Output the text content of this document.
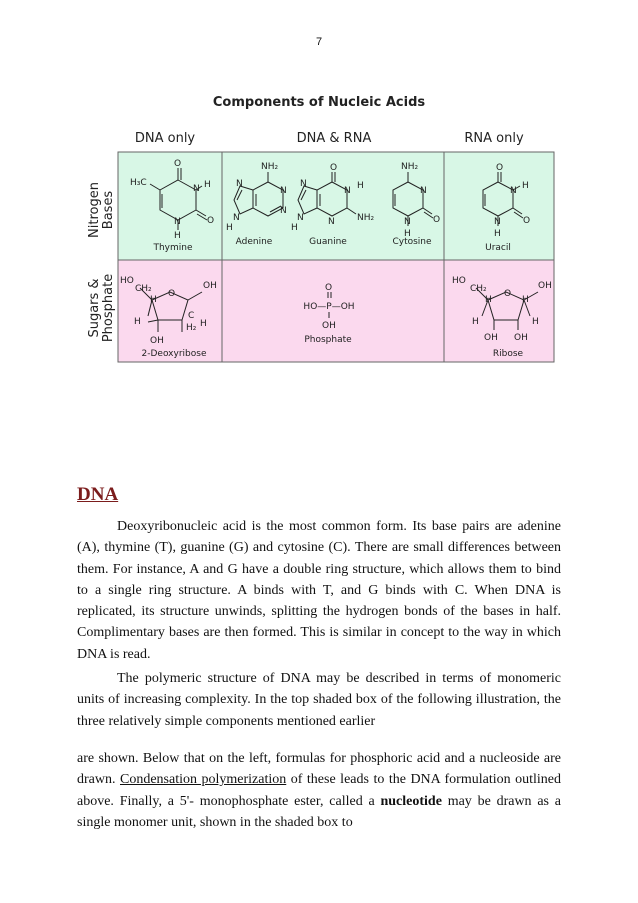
7
Components of Nucleic Acids
DNA only	DNA & RNA	RNA only
Nitrogen Bases
Sugars & Phosphate
O
H₃C
N H
O
N
H
Thymine
NH₂
N
N
N
N
H
Adenine
O
N H
N
N NH₂
N
H
Guanine
NH₂
N
O
N
H
Cytosine
O
N H
O
N
H
Uracil
HO
CH₂
H
O
OH
H
C
H₂ H
OH
2-Deoxyribose
O
HO—P—OH
OH
Phosphate
HO
CH₂
H
O
H
OH
H	H
OH OH
Ribose
DNA

Deoxyribonucleic acid is the most common form. Its base pairs are adenine (A), thymine (T), guanine (G) and cytosine (C). There are small differences between them. For instance, A and G have a double ring structure, which allows them to bind to a single ring structure. A binds with T, and G binds with C. When DNA is replicated, its structure unwinds, splitting the hydrogen bonds of the bases in half. Complimentary bases are then formed. This is similar in concept to the way in which DNA is read.

The polymeric structure of DNA may be described in terms of monomeric units of increasing complexity. In the top shaded box of the following illustration, the three relatively simple components mentioned earlier

are shown. Below that on the left, formulas for phosphoric acid and a nucleoside are drawn. Condensation polymerization of these leads to the DNA formulation outlined above. Finally, a 5'- monophosphate ester, called a nucleotide may be drawn as a single monomer unit, shown in the shaded box to
